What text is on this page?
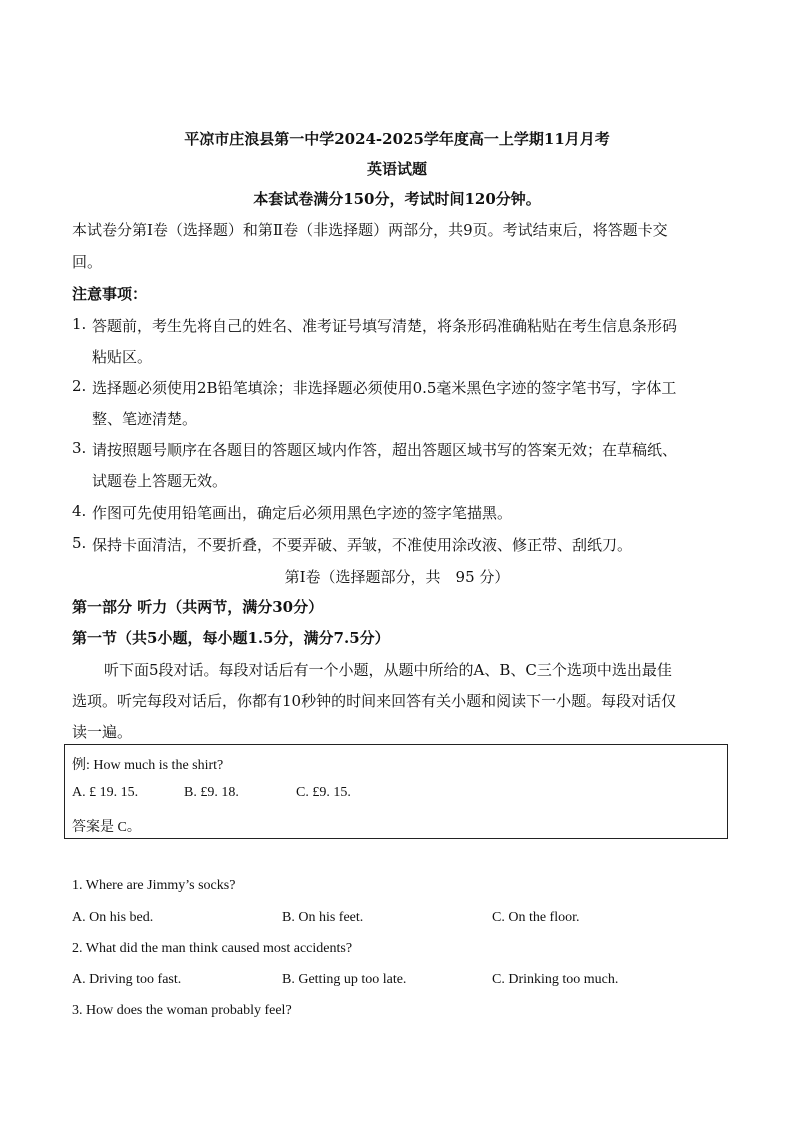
平凉市庄浪县第一中学2024-2025学年度高一上学期11月月考
英语试题
本套试卷满分150分，考试时间120分钟。
本试卷分第Ⅰ卷（选择题）和第Ⅱ卷（非选择题）两部分，共9页。考试结束后，将答题卡交
回。
注意事项：
1. 答题前，考生先将自己的姓名、准考证号填写清楚，将条形码准确粘贴在考生信息条形码
粘贴区。
2. 选择题必须使用2B铅笔填涂；非选择题必须使用0.5毫米黑色字迹的签字笔书写，字体工
整、笔迹清楚。
3. 请按照题号顺序在各题目的答题区域内作答，超出答题区域书写的答案无效；在草稿纸、
试题卷上答题无效。
4. 作图可先使用铅笔画出，确定后必须用黑色字迹的签字笔描黑。
5. 保持卡面清洁，不要折叠，不要弄破、弄皱，不准使用涂改液、修正带、刮纸刀。
第Ⅰ卷（选择题部分，共　95 分）
第一部分 听力（共两节，满分30分）
第一节（共5小题，每小题1.5分，满分7.5分）
听下面5段对话。每段对话后有一个小题，从题中所给的A、B、C三个选项中选出最佳
选项。听完每段对话后，你都有10秒钟的时间来回答有关小题和阅读下一小题。每段对话仅
读一遍。
例: How much is the shirt?
A. £ 19. 15.	B. £9. 18.	C. £9. 15.
答案是 C。
1. Where are Jimmy’s socks?
A. On his bed.	B. On his feet.	C. On the floor.
2. What did the man think caused most accidents?
A. Driving too fast.	B. Getting up too late.	C. Drinking too much.
3. How does the woman probably feel?
